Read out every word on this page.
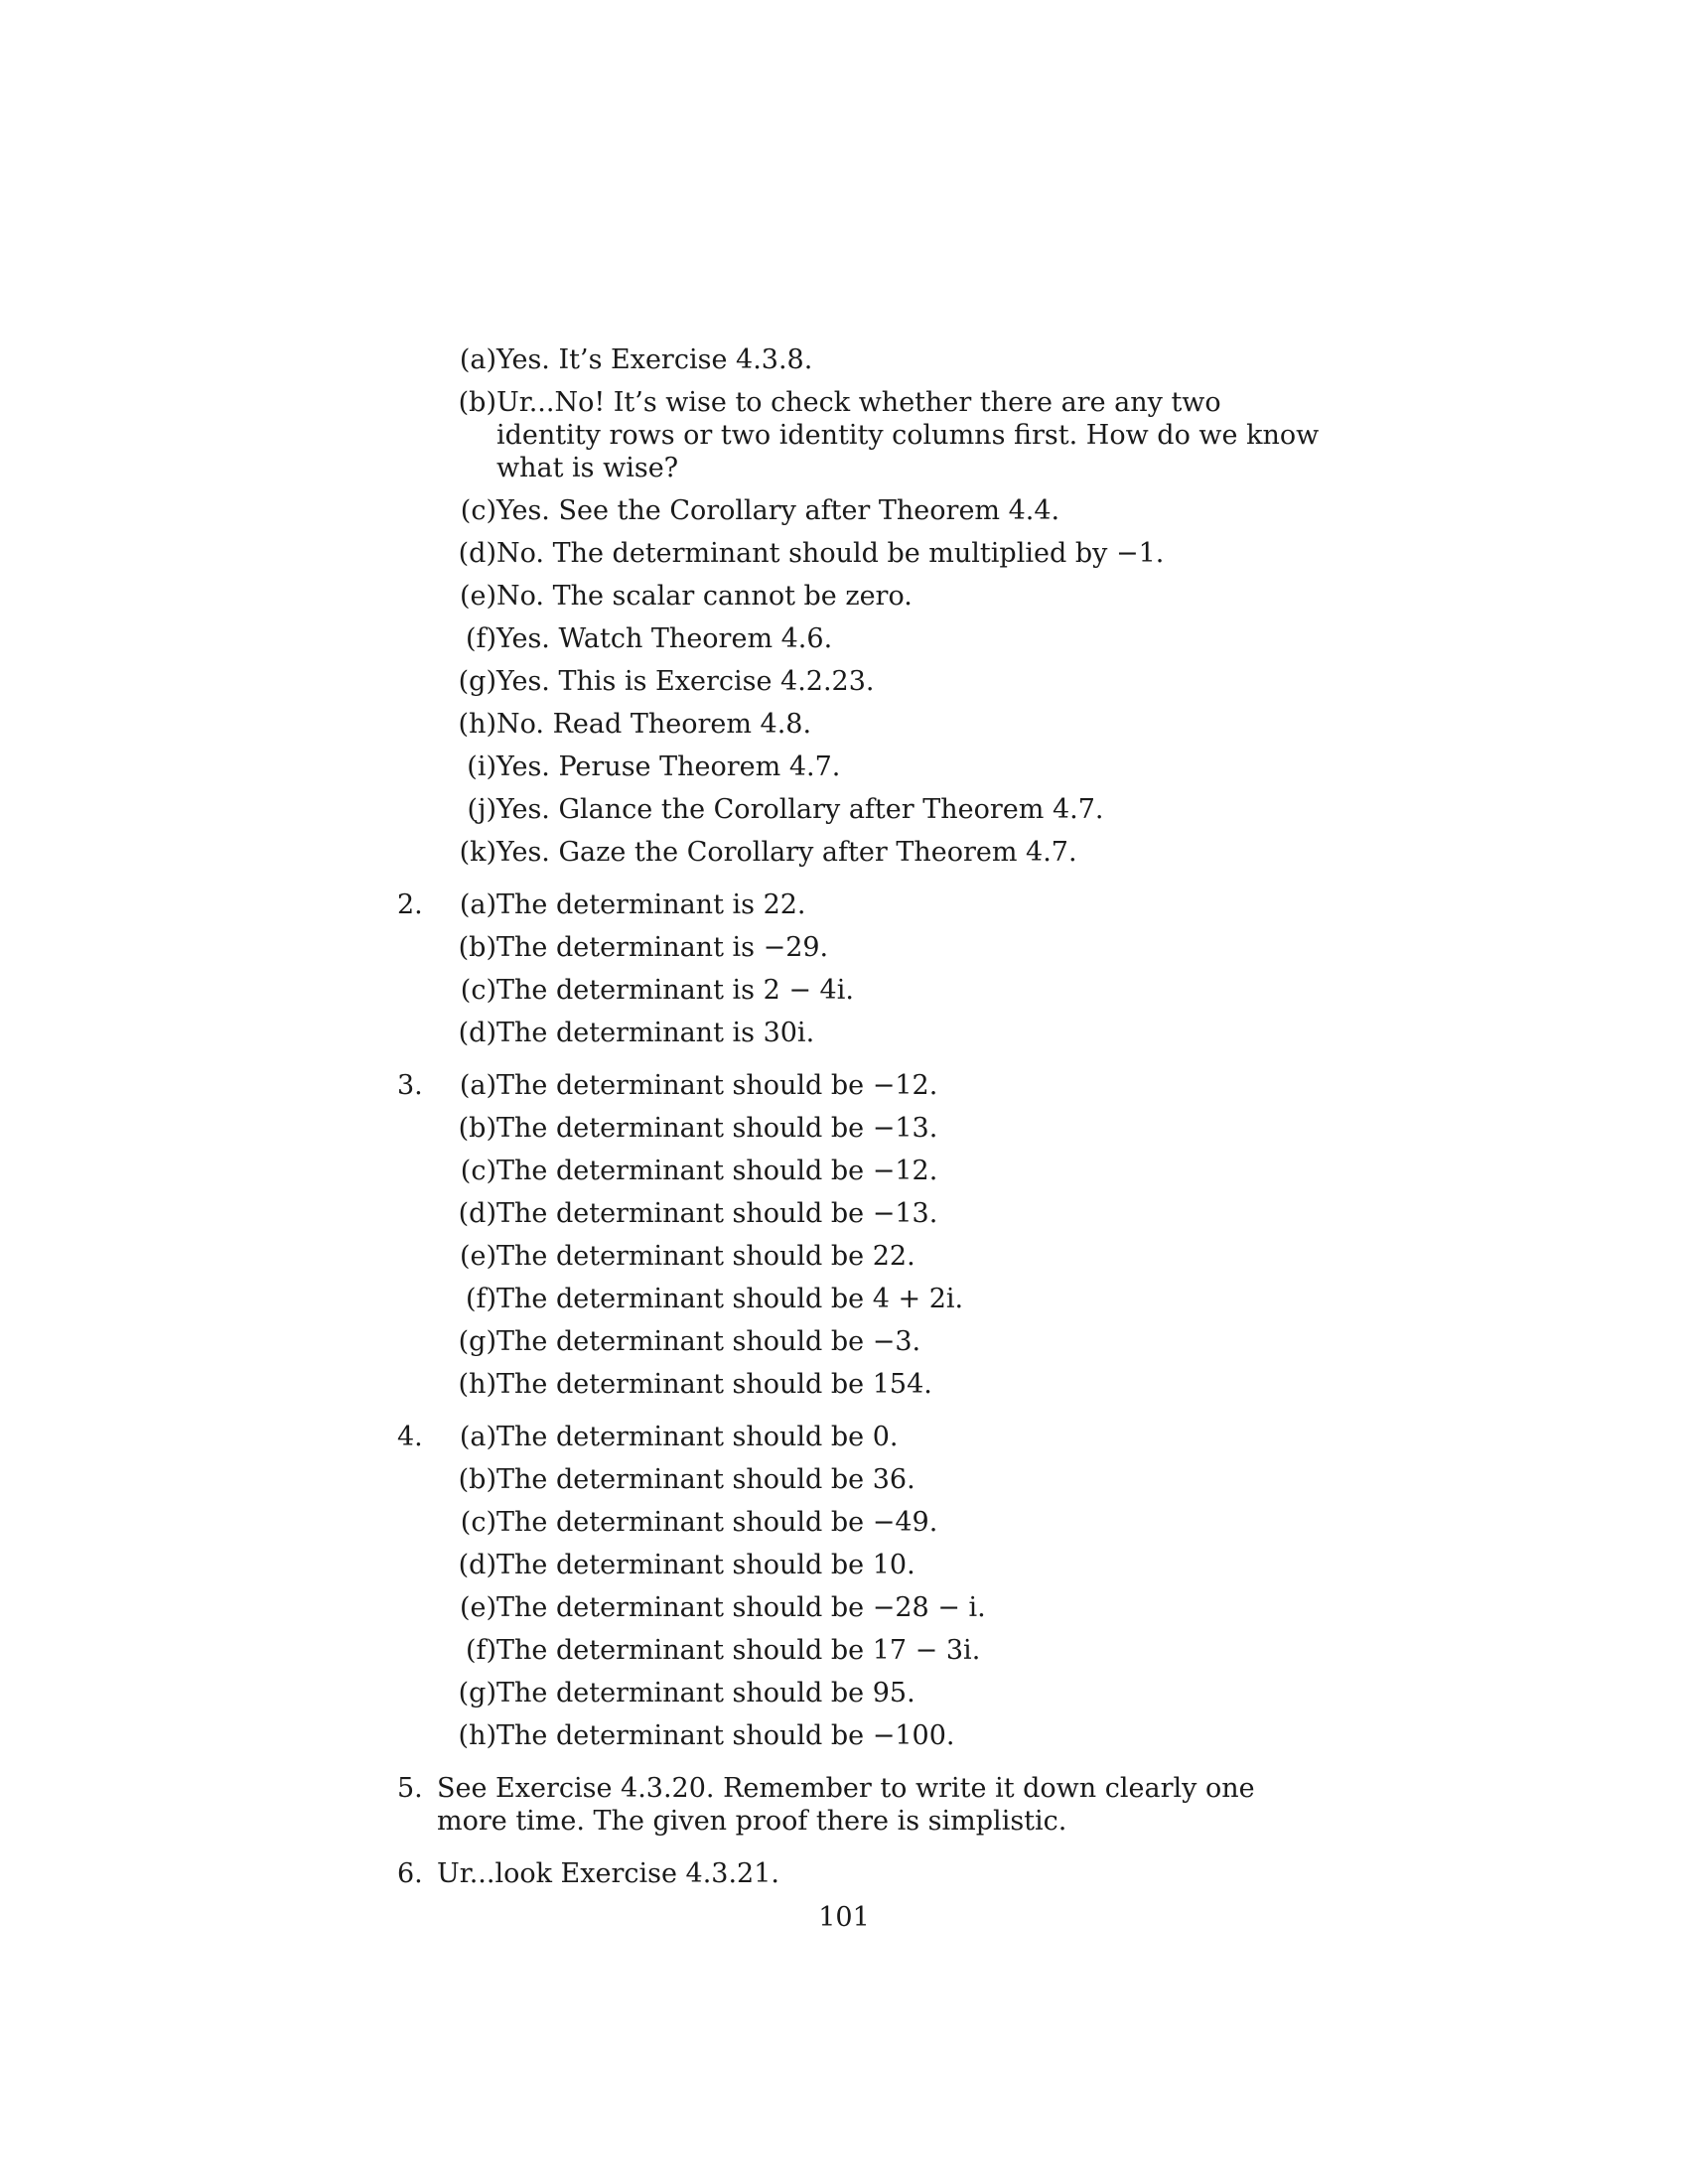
(a) Yes. It’s Exercise 4.3.8.
(b) Ur...No! It’s wise to check whether there are any two identity rows or two identity columns first. How do we know what is wise?
(c) Yes. See the Corollary after Theorem 4.4.
(d) No. The determinant should be multiplied by −1.
(e) No. The scalar cannot be zero.
(f) Yes. Watch Theorem 4.6.
(g) Yes. This is Exercise 4.2.23.
(h) No. Read Theorem 4.8.
(i) Yes. Peruse Theorem 4.7.
(j) Yes. Glance the Corollary after Theorem 4.7.
(k) Yes. Gaze the Corollary after Theorem 4.7.
2.	(a) The determinant is 22.
(b) The determinant is −29.
(c) The determinant is 2 − 4i.
(d) The determinant is 30i.
3.	(a) The determinant should be −12.
(b) The determinant should be −13.
(c) The determinant should be −12.
(d) The determinant should be −13.
(e) The determinant should be 22.
(f) The determinant should be 4 + 2i.
(g) The determinant should be −3.
(h) The determinant should be 154.
4.	(a) The determinant should be 0.
(b) The determinant should be 36.
(c) The determinant should be −49.
(d) The determinant should be 10.
(e) The determinant should be −28 − i.
(f) The determinant should be 17 − 3i.
(g) The determinant should be 95.
(h) The determinant should be −100.
5. See Exercise 4.3.20. Remember to write it down clearly one more time. The given proof there is simplistic.
6. Ur...look Exercise 4.3.21.
101
